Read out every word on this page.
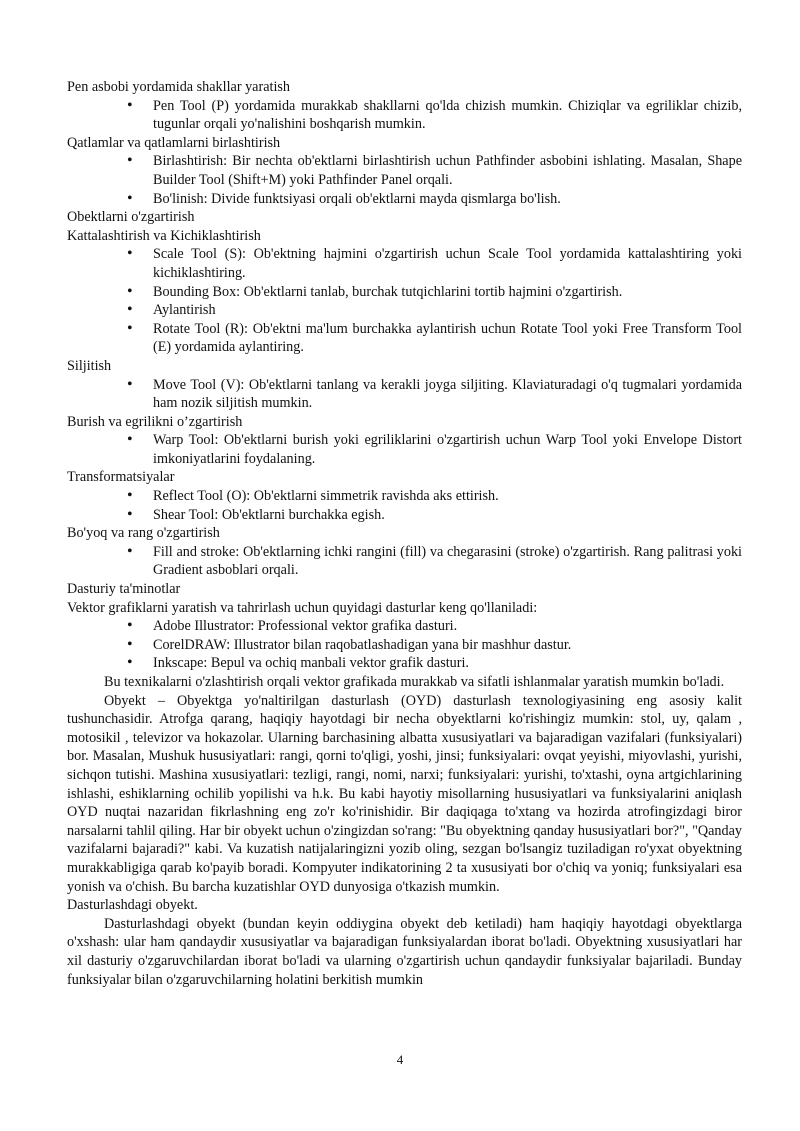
Pen asbobi yordamida shakllar yaratish
• Pen Tool (P) yordamida murakkab shakllarni qo'lda chizish mumkin. Chiziqlar va egriliklar chizib, tugunlar orqali yo'nalishini boshqarish mumkin.
Qatlamlar va qatlamlarni birlashtirish
• Birlashtirish: Bir nechta ob'ektlarni birlashtirish uchun Pathfinder asbobini ishlating. Masalan, Shape Builder Tool (Shift+M) yoki Pathfinder Panel orqali.
• Bo'linish: Divide funktsiyasi orqali ob'ektlarni mayda qismlarga bo'lish.
Obektlarni o'zgartirish
Kattalashtirish va Kichiklashtirish
• Scale Tool (S): Ob'ektning hajmini o'zgartirish uchun Scale Tool yordamida kattalashtiring yoki kichiklashtiring.
• Bounding Box: Ob'ektlarni tanlab, burchak tutqichlarini tortib hajmini o'zgartirish.
• Aylantirish
• Rotate Tool (R): Ob'ektni ma'lum burchakka aylantirish uchun Rotate Tool yoki Free Transform Tool (E) yordamida aylantiring.
Siljitish
• Move Tool (V): Ob'ektlarni tanlang va kerakli joyga siljiting. Klaviaturadagi o'q tugmalari yordamida ham nozik siljitish mumkin.
Burish va egrilikni o’zgartirish
• Warp Tool: Ob'ektlarni burish yoki egriliklarini o'zgartirish uchun Warp Tool yoki Envelope Distort imkoniyatlarini foydalaning.
Transformatsiyalar
• Reflect Tool (O): Ob'ektlarni simmetrik ravishda aks ettirish.
• Shear Tool: Ob'ektlarni burchakka egish.
Bo'yoq va rang o'zgartirish
• Fill and stroke: Ob'ektlarning ichki rangini (fill) va chegarasini (stroke) o'zgartirish. Rang palitrasi yoki Gradient asboblari orqali.
Dasturiy ta'minotlar
Vektor grafiklarni yaratish va tahrirlash uchun quyidagi dasturlar keng qo'llaniladi:
• Adobe Illustrator: Professional vektor grafika dasturi.
• CorelDRAW: Illustrator bilan raqobatlashadigan yana bir mashhur dastur.
• Inkscape: Bepul va ochiq manbali vektor grafik dasturi.

Bu texnikalarni o'zlashtirish orqali vektor grafikada murakkab va sifatli ishlanmalar yaratish mumkin bo'ladi.

Obyekt – Obyektga yo'naltirilgan dasturlash (OYD) dasturlash texnologiyasining eng asosiy kalit tushunchasidir. Atrofga qarang, haqiqiy hayotdagi bir necha obyektlarni ko'rishingiz mumkin: stol, uy, qalam , motosikil , televizor va hokazolar. Ularning barchasining albatta xususiyatlari va bajaradigan vazifalari (funksiyalari) bor. Masalan, Mushuk hususiyatlari: rangi, qorni to'qligi, yoshi, jinsi; funksiyalari: ovqat yeyishi, miyovlashi, yurishi, sichqon tutishi. Mashina xususiyatlari: tezligi, rangi, nomi, narxi; funksiyalari: yurishi, to'xtashi, oyna artgichlarining ishlashi, eshiklarning ochilib yopilishi va h.k. Bu kabi hayotiy misollarning hususiyatlari va funksiyalarini aniqlash OYD nuqtai nazaridan fikrlashning eng zo'r ko'rinishidir. Bir daqiqaga to'xtang va hozirda atrofingizdagi biror narsalarni tahlil qiling. Har bir obyekt uchun o'zingizdan so'rang: "Bu obyektning qanday hususiyatlari bor?", "Qanday vazifalarni bajaradi?" kabi. Va kuzatish natijalaringizni yozib oling, sezgan bo'lsangiz tuziladigan ro'yxat obyektning murakkabligiga qarab ko'payib boradi. Kompyuter indikatorining 2 ta xususiyati bor o'chiq va yoniq; funksiyalari esa yonish va o'chish. Bu barcha kuzatishlar OYD dunyosiga o'tkazish mumkin.

Dasturlashdagi obyekt.

Dasturlashdagi obyekt (bundan keyin oddiygina obyekt deb ketiladi) ham haqiqiy hayotdagi obyektlarga o'xshash: ular ham qandaydir xususiyatlar va bajaradigan funksiyalardan iborat bo'ladi. Obyektning xususiyatlari har xil dasturiy o'zgaruvchilardan iborat bo'ladi va ularning o'zgartirish uchun qandaydir funksiyalar bajariladi. Bunday funksiyalar bilan o'zgaruvchilarning holatini berkitish mumkin

4
